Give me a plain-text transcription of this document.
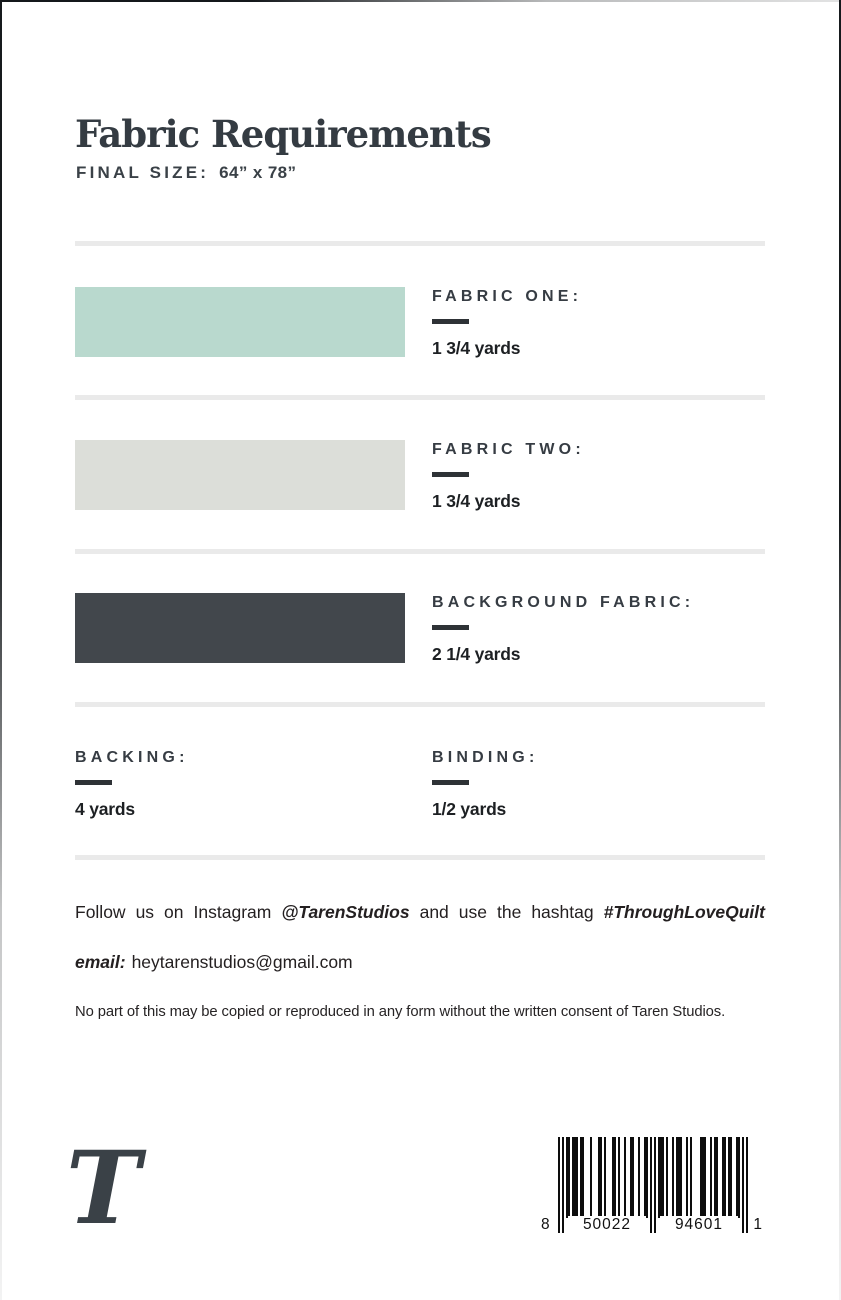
Fabric Requirements
FINAL SIZE: 64” x 78”
FABRIC ONE:
1 3/4 yards
FABRIC TWO:
1 3/4 yards
BACKGROUND FABRIC:
2 1/4 yards
BACKING:
4 yards
BINDING:
1/2 yards
Follow us on Instagram @TarenStudios and use the hashtag #ThroughLoveQuilt
email: heytarenstudios@gmail.com
No part of this may be copied or reproduced in any form without the written consent of Taren Studios.
T	8	50022	94601	1
